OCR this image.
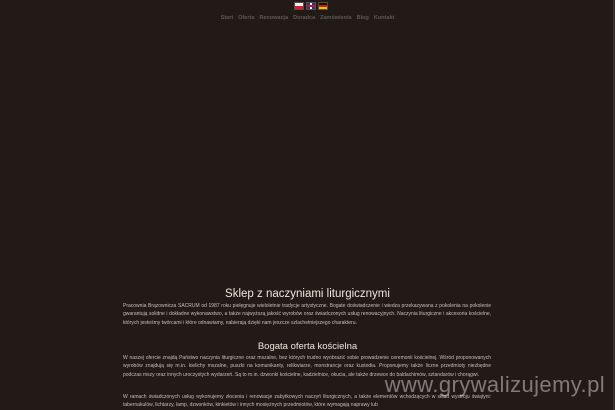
Start Oferta Renowacja Doradca Zamówienia Blog Kontakt
Sklep z naczyniami liturgicznymi

Pracownia Brązownicza SACRUM od 1987 roku pielęgnuje wieloletnie tradycje artystyczne. Bogate doświadczenie i wiedza przekazywana z pokolenia na pokolenie gwarantują solidne i dokładne wykonawstwo, a także najwyższą jakość wyrobów oraz świadczonych usług renowacyjnych. Naczynia liturgiczne i akcesoria kościelne, których jesteśmy twórcami i które odnawiamy, nabierają dzięki nam jeszcze szlachetniejszego charakteru.

Bogata oferta kościelna

W naszej ofercie znajdą Państwo naczynia liturgiczne oraz mszalne, bez których trudno wyobrazić sobie prowadzenie ceremonii kościelnej. Wśród proponowanych wyrobów znajdują się m.in. kielichy mszalne, puszki na komunikanty, relikwiarze, monstrancje oraz kustodia. Proponujemy także liczne przedmioty niezbędne podczas mszy oraz innych uroczystych wydarzeń. Są to m.in. dzwonki kościelne, kadzielnice, okucia, ale także drzewce do baldachimów, sztandarów i chorągwi.

W ramach świadczonych usług wykonujemy złocenia i renowacje zabytkowych naczyń liturgicznych, a także elementów wchodzących w skład wystroju świątyni: tabernakulów, lichtarzy, lamp, dzwonków, kinkietów i innych mosiężnych przedmiotów, które wymagają naprawy lub

www.grywalizujemy.pl
